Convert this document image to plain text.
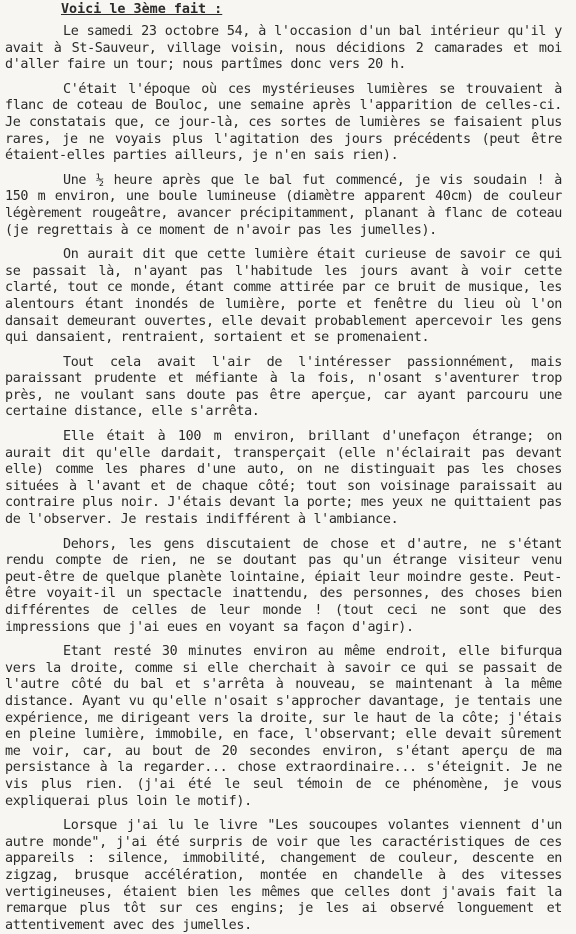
Voici le 3ème fait :

Le samedi 23 octobre 54, à l'occasion d'un bal intérieur qu'il y avait à St-Sauveur, village voisin, nous décidions 2 camarades et moi d'aller faire un tour; nous partîmes donc vers 20 h.

C'était l'époque où ces mystérieuses lumières se trouvaient à flanc de coteau de Bouloc, une semaine après l'apparition de celles-ci. Je constatais que, ce jour-là, ces sortes de lumières se faisaient plus rares, je ne voyais plus l'agitation des jours précédents (peut être étaient-elles parties ailleurs, je n'en sais rien).

Une ½ heure après que le bal fut commencé, je vis soudain ! à 150 m environ, une boule lumineuse (diamètre apparent 40cm) de couleur légèrement rougeâtre, avancer précipitamment, planant à flanc de coteau (je regrettais à ce moment de n'avoir pas les jumelles).

On aurait dit que cette lumière était curieuse de savoir ce qui se passait là, n'ayant pas l'habitude les jours avant à voir cette clarté, tout ce monde, étant comme attirée par ce bruit de musique, les alentours étant inondés de lumière, porte et fenêtre du lieu où l'on dansait demeurant ouvertes, elle devait probablement apercevoir les gens qui dansaient, rentraient, sortaient et se promenaient.

Tout cela avait l'air de l'intéresser passionnément, mais paraissant prudente et méfiante à la fois, n'osant s'aventurer trop près, ne voulant sans doute pas être aperçue, car ayant parcouru une certaine distance, elle s'arrêta.

Elle était à 100 m environ, brillant d'unefaçon étrange; on aurait dit qu'elle dardait, transperçait (elle n'éclairait pas devant elle) comme les phares d'une auto, on ne distinguait pas les choses situées à l'avant et de chaque côté; tout son voisinage paraissait au contraire plus noir. J'étais devant la porte; mes yeux ne quittaient pas de l'observer. Je restais indifférent à l'ambiance.

Dehors, les gens discutaient de chose et d'autre, ne s'étant rendu compte de rien, ne se doutant pas qu'un étrange visiteur venu peut-être de quelque planète lointaine, épiait leur moindre geste. Peut-être voyait-il un spectacle inattendu, des personnes, des choses bien différentes de celles de leur monde ! (tout ceci ne sont que des impressions que j'ai eues en voyant sa façon d'agir).

Etant resté 30 minutes environ au même endroit, elle bifurqua vers la droite, comme si elle cherchait à savoir ce qui se passait de l'autre côté du bal et s'arrêta à nouveau, se maintenant à la même distance. Ayant vu qu'elle n'osait s'approcher davantage, je tentais une expérience, me dirigeant vers la droite, sur le haut de la côte; j'étais en pleine lumière, immobile, en face, l'observant; elle devait sûrement me voir, car, au bout de 20 secondes environ, s'étant aperçu de ma persistance à la regarder... chose extraordinaire... s'éteignit. Je ne vis plus rien. (j'ai été le seul témoin de ce phénomène, je vous expliquerai plus loin le motif).

Lorsque j'ai lu le livre "Les soucoupes volantes viennent d'un autre monde", j'ai été surpris de voir que les caractéristiques de ces appareils : silence, immobilité, changement de couleur, descente en zigzag, brusque accélération, montée en chandelle à des vitesses vertigineuses, étaient bien les mêmes que celles dont j'avais fait la remarque plus tôt sur ces engins; je les ai observé longuement et attentivement avec des jumelles.
